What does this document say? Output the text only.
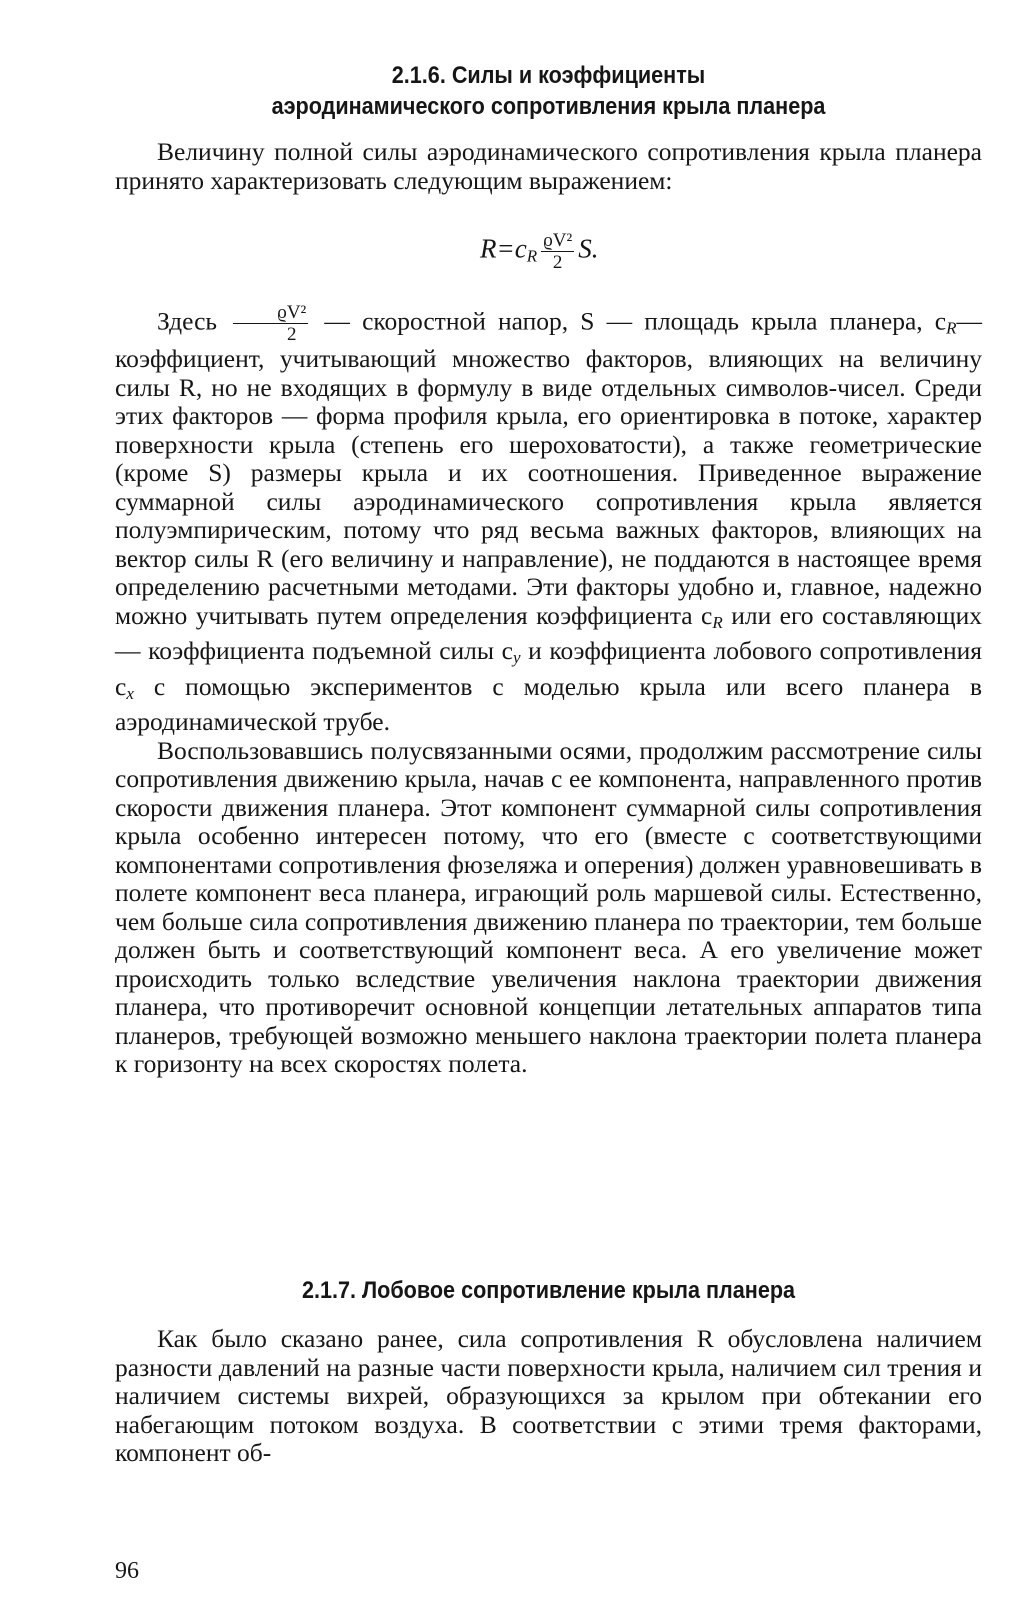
2.1.6. Силы и коэффициенты
аэродинамического сопротивления крыла планера

Величину полной силы аэродинамического сопротивления крыла планера принято характеризовать следующим выражением:

$R=c_R \frac{\text{ϱV²}}{2} S$.

Здесь $\frac{\text{ϱV²}}{2}$ — скоростной напор, S — площадь крыла планера, $c_R—коэффициент$, учитывающий множество факторов, влияющих на величину силы R, но не входящих в формулу в виде отдельных символов-чисел. Среди этих факторов — форма профиля крыла, его ориентировка в потоке, характер поверхности крыла (степень его шероховатости), а также геометрические (кроме S) размеры крыла и их соотношения. Приведенное выражение суммарной силы аэродинамического сопротивления крыла является полуэмпирическим, потому что ряд весьма важных факторов, влияющих на вектор силы R (его величину и направление), не поддаются в настоящее время определению расчетными методами. Эти факторы удобно и, главное, надежно можно учитывать путем определения коэффициента $c_R$ или его составляющих — коэффициента подъемной силы $c_y$ и коэффициента лобового сопротивления $c_x$ с помощью экспериментов с моделью крыла или всего планера в аэродинамической трубе.

Воспользовавшись полусвязанными осями, продолжим рассмотрение силы сопротивления движению крыла, начав с ее компонента, направленного против скорости движения планера. Этот компонент суммарной силы сопротивления крыла особенно интересен потому, что его (вместе с соответствующими компонентами сопротивления фюзеляжа и оперения) должен уравновешивать в полете компонент веса планера, играющий роль маршевой силы. Естественно, чем больше сила сопротивления движению планера по траектории, тем больше должен быть и соответствующий компонент веса. А его увеличение может происходить только вследствие увеличения наклона траектории движения планера, что противоречит основной концепции летательных аппаратов типа планеров, требующей возможно меньшего наклона траектории полета планера к горизонту на всех скоростях полета.

2.1.7. Лобовое сопротивление крыла планера

Как было сказано ранее, сила сопротивления R обусловлена наличием разности давлений на разные части поверхности крыла, наличием сил трения и наличием системы вихрей, образующихся за крылом при обтекании его набегающим потоком воздуха. В соответствии с этими тремя факторами, компонент об-

96
